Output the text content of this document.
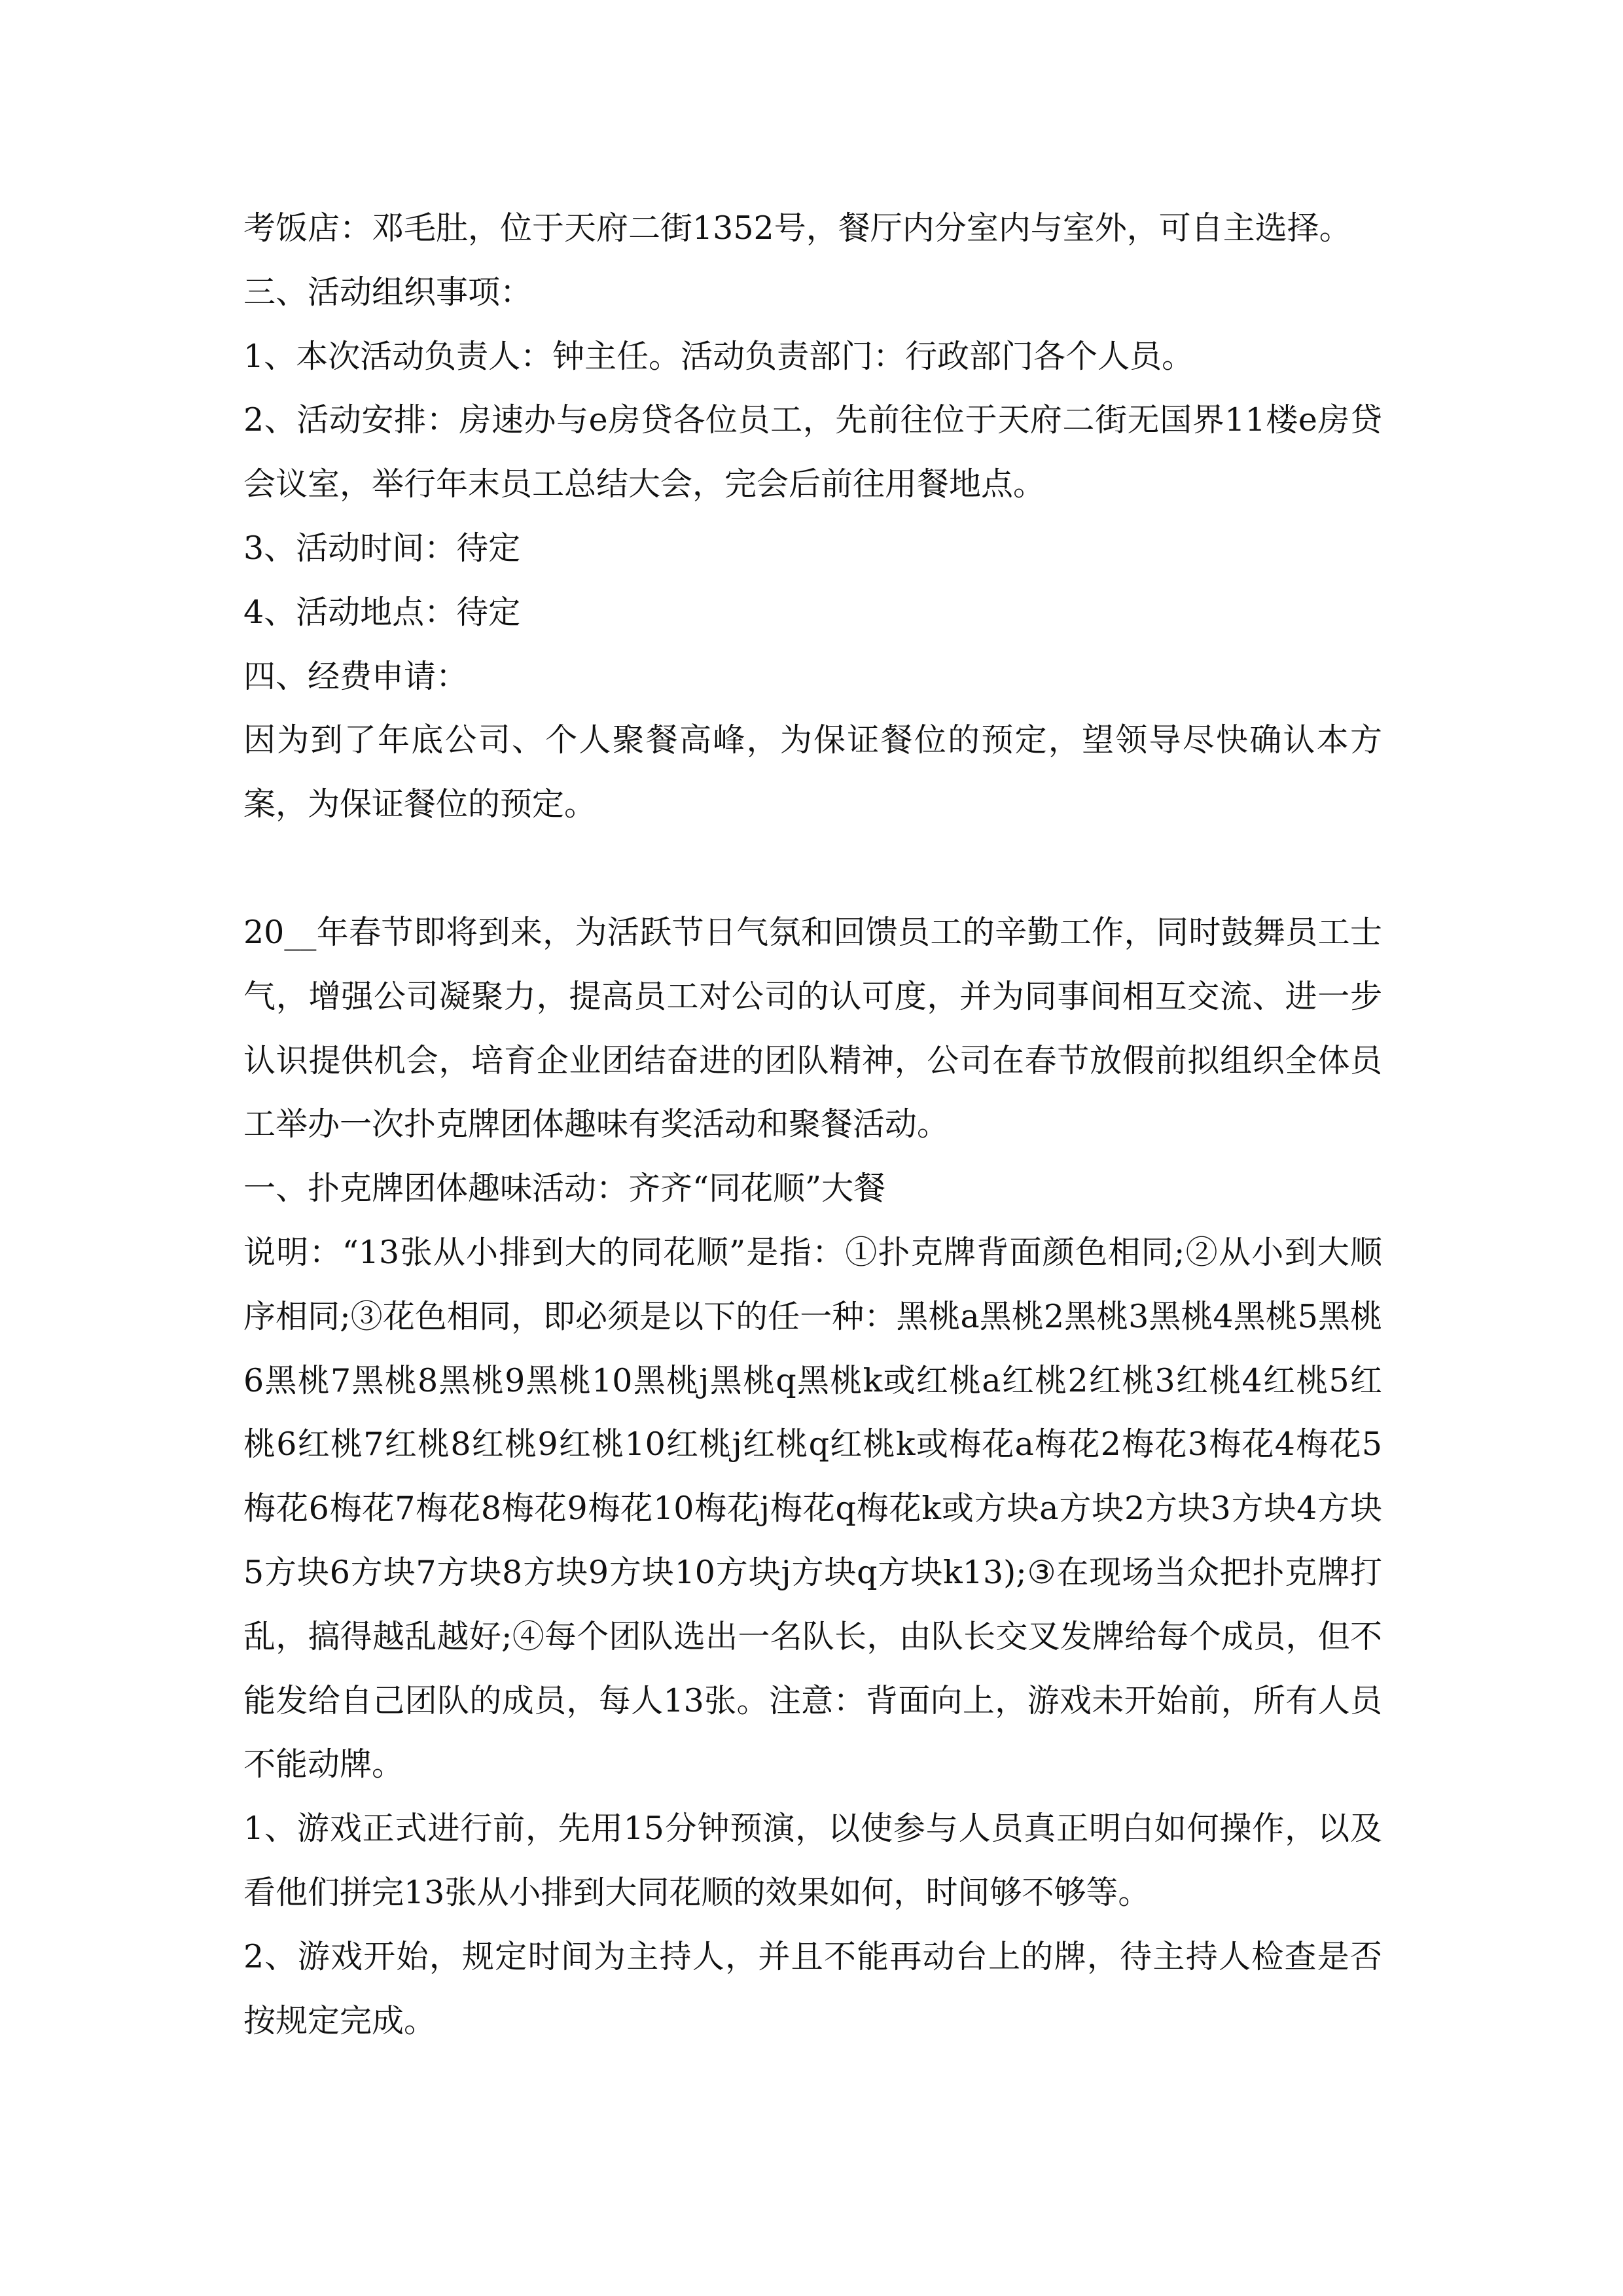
考饭店：邓毛肚，位于天府二街1352号，餐厅内分室内与室外，可自主选择。

三、活动组织事项：

1、本次活动负责人：钟主任。活动负责部门：行政部门各个人员。

2、活动安排：房速办与e房贷各位员工，先前往位于天府二街无国界11楼e房贷会议室，举行年末员工总结大会，完会后前往用餐地点。

3、活动时间：待定

4、活动地点：待定

四、经费申请：

因为到了年底公司、个人聚餐高峰，为保证餐位的预定，望领导尽快确认本方案，为保证餐位的预定。

20__年春节即将到来，为活跃节日气氛和回馈员工的辛勤工作，同时鼓舞员工士气，增强公司凝聚力，提高员工对公司的认可度，并为同事间相互交流、进一步认识提供机会，培育企业团结奋进的团队精神，公司在春节放假前拟组织全体员工举办一次扑克牌团体趣味有奖活动和聚餐活动。

一、扑克牌团体趣味活动：齐齐“同花顺”大餐

说明：“13张从小排到大的同花顺”是指：①扑克牌背面颜色相同;②从小到大顺序相同;③花色相同，即必须是以下的任一种：黑桃a黑桃2黑桃3黑桃4黑桃5黑桃6黑桃7黑桃8黑桃9黑桃10黑桃j黑桃q黑桃k或红桃a红桃2红桃3红桃4红桃5红桃6红桃7红桃8红桃9红桃10红桃j红桃q红桃k或梅花a梅花2梅花3梅花4梅花5梅花6梅花7梅花8梅花9梅花10梅花j梅花q梅花k或方块a方块2方块3方块4方块5方块6方块7方块8方块9方块10方块j方块q方块k13);③在现场当众把扑克牌打乱，搞得越乱越好;④每个团队选出一名队长，由队长交叉发牌给每个成员，但不能发给自己团队的成员，每人13张。注意：背面向上，游戏未开始前，所有人员不能动牌。

1、游戏正式进行前，先用15分钟预演，以使参与人员真正明白如何操作，以及看他们拼完13张从小排到大同花顺的效果如何，时间够不够等。

2、游戏开始，规定时间为主持人，并且不能再动台上的牌，待主持人检查是否按规定完成。
